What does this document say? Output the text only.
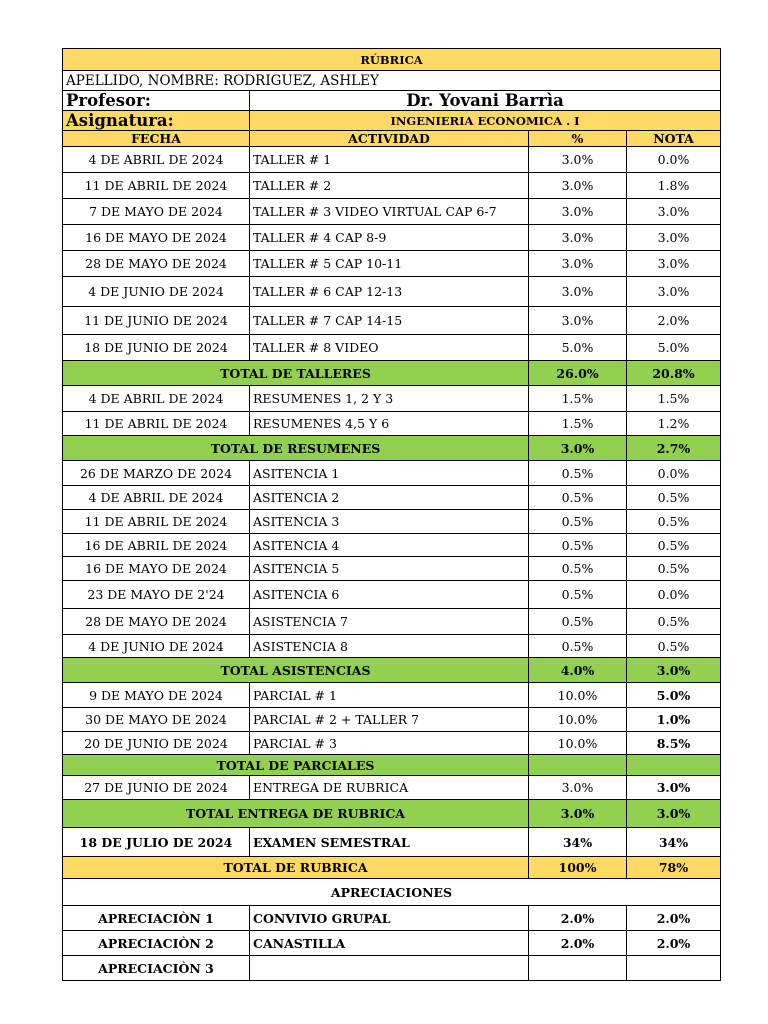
RÚBRICA			
APELLIDO, NOMBRE: RODRIGUEZ, ASHLEY			
Profesor:	Dr. Yovani Barrìa		
Asignatura:	INGENIERIA ECONOMICA . I		
FECHA	ACTIVIDAD	%	NOTA
4 DE ABRIL DE 2024	TALLER # 1	3.0%	0.0%
11 DE ABRIL DE 2024	TALLER # 2	3.0%	1.8%
7 DE MAYO DE 2024	TALLER # 3 VIDEO VIRTUAL CAP 6-7	3.0%	3.0%
16 DE MAYO DE 2024	TALLER # 4 CAP 8-9	3.0%	3.0%
28 DE MAYO DE 2024	TALLER # 5 CAP 10-11	3.0%	3.0%
4 DE JUNIO DE 2024	TALLER # 6 CAP 12-13	3.0%	3.0%
11 DE JUNIO DE 2024	TALLER # 7 CAP 14-15	3.0%	2.0%
18 DE JUNIO DE 2024	TALLER # 8 VIDEO	5.0%	5.0%
TOTAL DE TALLERES		26.0%	20.8%
4 DE ABRIL DE 2024	RESUMENES 1, 2 Y 3	1.5%	1.5%
11 DE ABRIL DE 2024	RESUMENES 4,5 Y 6	1.5%	1.2%
TOTAL DE RESUMENES		3.0%	2.7%
26 DE MARZO DE 2024	ASITENCIA 1	0.5%	0.0%
4 DE ABRIL DE 2024	ASITENCIA 2	0.5%	0.5%
11 DE ABRIL DE 2024	ASITENCIA 3	0.5%	0.5%
16 DE ABRIL DE 2024	ASITENCIA 4	0.5%	0.5%
16 DE MAYO DE 2024	ASITENCIA 5	0.5%	0.5%
23 DE MAYO DE 2'24	ASITENCIA 6	0.5%	0.0%
28 DE MAYO DE 2024	ASISTENCIA 7	0.5%	0.5%
4 DE JUNIO DE 2024	ASISTENCIA 8	0.5%	0.5%
TOTAL ASISTENCIAS		4.0%	3.0%
9 DE MAYO DE 2024	PARCIAL # 1	10.0%	5.0%
30 DE MAYO DE 2024	PARCIAL # 2 + TALLER 7	10.0%	1.0%
20 DE JUNIO DE 2024	PARCIAL # 3	10.0%	8.5%
TOTAL DE PARCIALES			
27 DE JUNIO DE 2024	ENTREGA DE RUBRICA	3.0%	3.0%
TOTAL ENTREGA DE RUBRICA		3.0%	3.0%
18 DE JULIO DE 2024	EXAMEN SEMESTRAL	34%	34%
TOTAL DE RUBRICA		100%	78%
APRECIACIONES			
APRECIACIÒN 1	CONVIVIO GRUPAL	2.0%	2.0%
APRECIACIÒN 2	CANASTILLA	2.0%	2.0%
APRECIACIÒN 3			
